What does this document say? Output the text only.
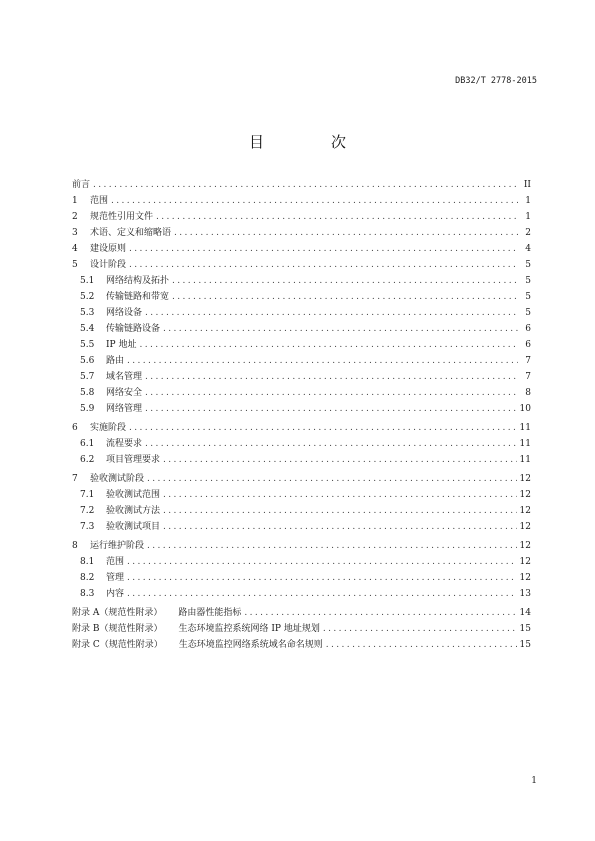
DB32/T 2778-2015
目　次
前言 .....	II
1 范围 .....	1
2 规范性引用文件 .....	1
3 术语、定义和缩略语 .....	2
4 建设原则 .....	4
5 设计阶段 .....	5
5.1 网络结构及拓扑 .....	5
5.2 传输链路和带宽 .....	5
5.3 网络设备 .....	5
5.4 传输链路设备 .....	6
5.5 IP 地址 .....	6
5.6 路由 .....	7
5.7 域名管理 .....	7
5.8 网络安全 .....	8
5.9 网络管理 .....	10
6 实施阶段 .....	11
6.1 流程要求 .....	11
6.2 项目管理要求 .....	11
7 验收测试阶段 .....	12
7.1 验收测试范围 .....	12
7.2 验收测试方法 .....	12
7.3 验收测试项目 .....	12
8 运行维护阶段 .....	12
8.1 范围 .....	12
8.2 管理 .....	12
8.3 内容 .....	13
附录 A（规范性附录） 路由器性能指标 .....	14
附录 B（规范性附录） 生态环境监控系统网络 IP 地址规划 .....	15
附录 C（规范性附录） 生态环境监控网络系统域名命名规则 .....	15
1
